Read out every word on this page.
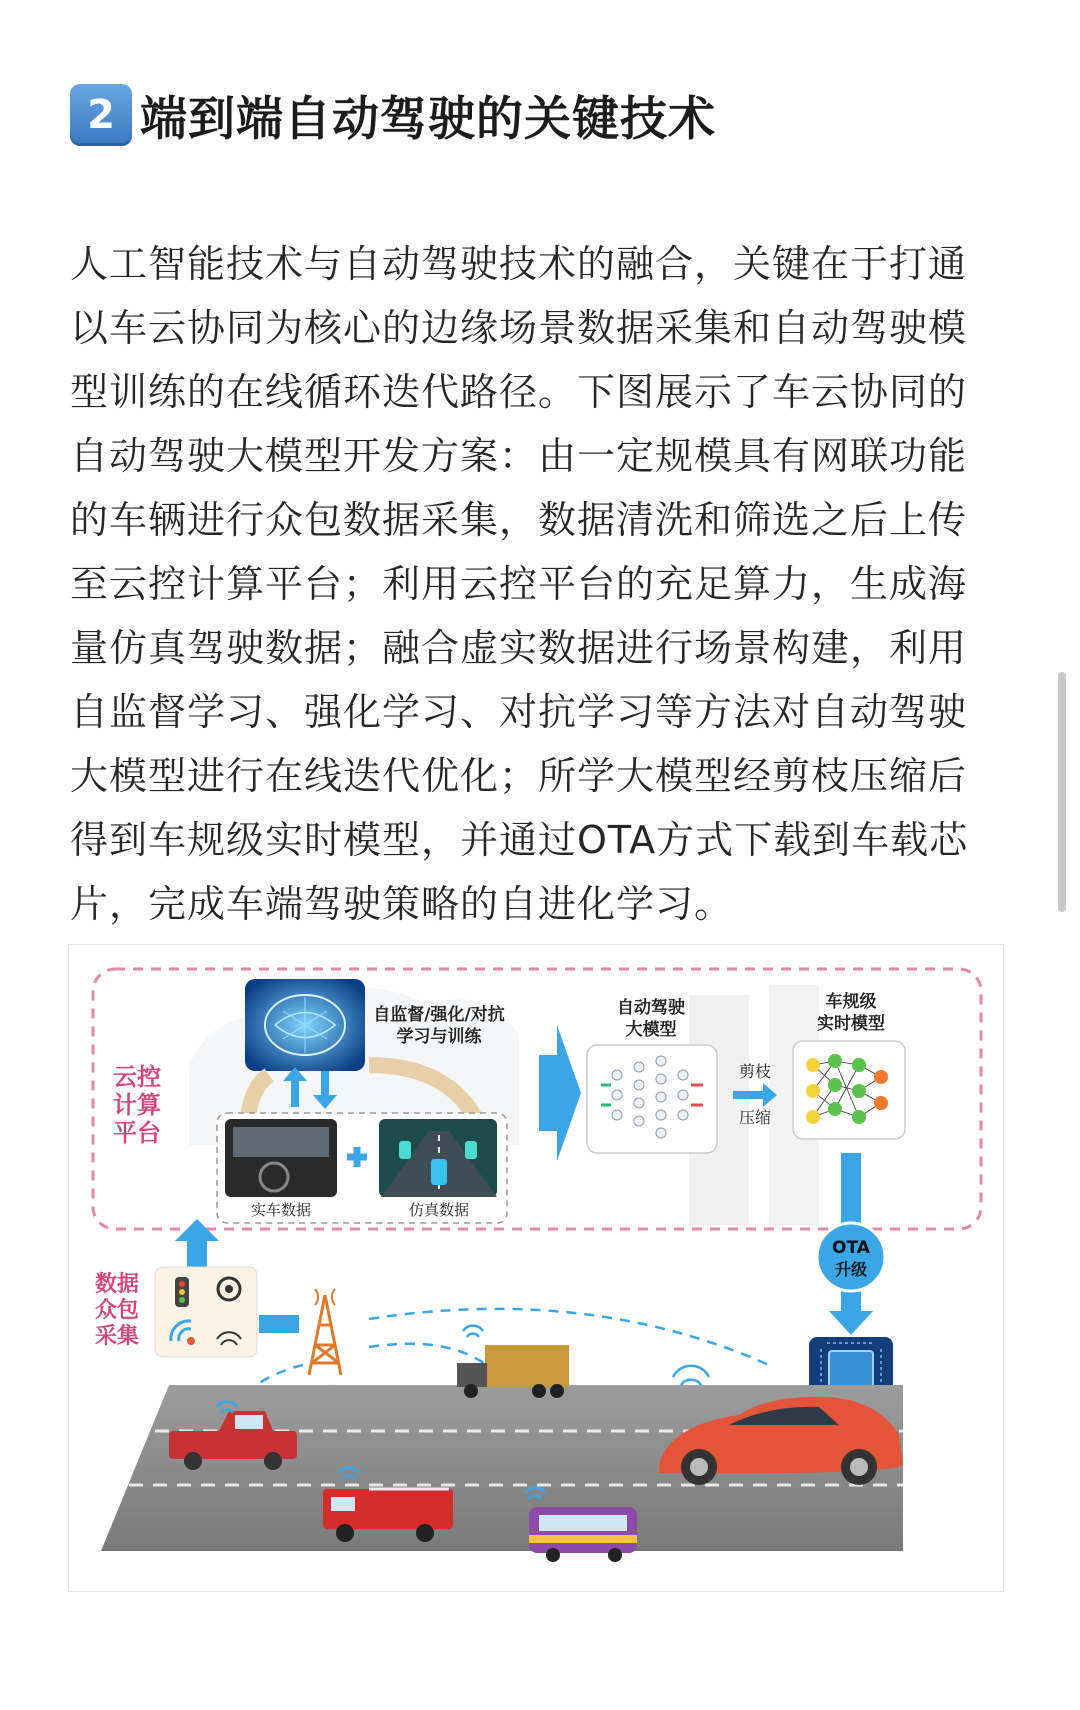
2 端到端自动驾驶的关键技术
人工智能技术与自动驾驶技术的融合，关键在于打通
以车云协同为核心的边缘场景数据采集和自动驾驶模
型训练的在线循环迭代路径。下图展示了车云协同的
自动驾驶大模型开发方案：由一定规模具有网联功能
的车辆进行众包数据采集，数据清洗和筛选之后上传
至云控计算平台；利用云控平台的充足算力，生成海
量仿真驾驶数据；融合虚实数据进行场景构建，利用
自监督学习、强化学习、对抗学习等方法对自动驾驶
大模型进行在线迭代优化；所学大模型经剪枝压缩后
得到车规级实时模型，并通过OTA方式下载到车载芯
片，完成车端驾驶策略的自进化学习。
云控
计算
平台
自监督/强化/对抗
学习与训练
实车数据	仿真数据
自动驾驶
大模型
剪枝
压缩
车规级
实时模型
OTA
升级
数据
众包
采集
